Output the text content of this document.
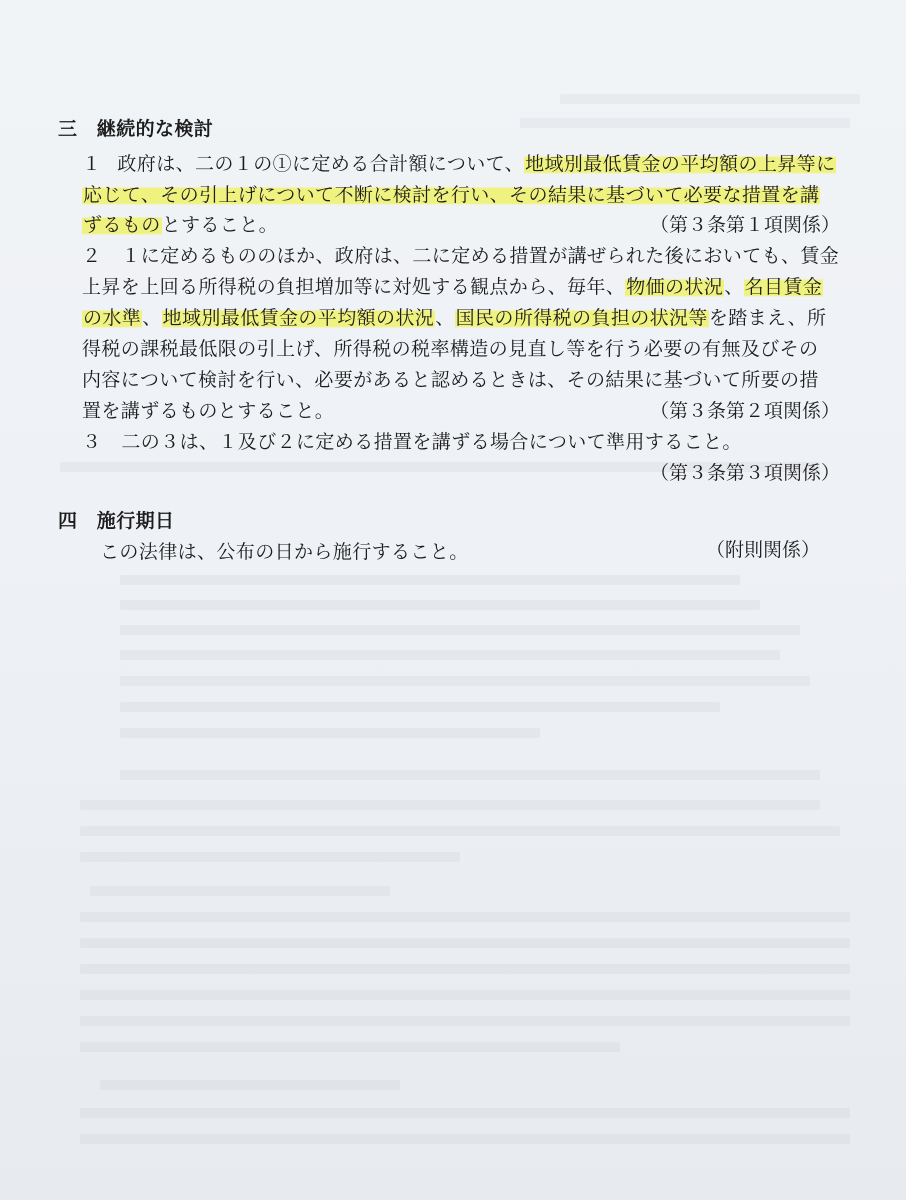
三　継続的な検討
１ 政府は、二の１の①に定める合計額について、地域別最低賃金の平均額の上昇等に
応じて、その引上げについて不断に検討を行い、その結果に基づいて必要な措置を講
ずるものとすること。	（第３条第１項関係）
２ １に定めるもののほか、政府は、二に定める措置が講ぜられた後においても、賃金
上昇を上回る所得税の負担増加等に対処する観点から、毎年、物価の状況、名目賃金
の水準、地域別最低賃金の平均額の状況、国民の所得税の負担の状況等を踏まえ、所
得税の課税最低限の引上げ、所得税の税率構造の見直し等を行う必要の有無及びその
内容について検討を行い、必要があると認めるときは、その結果に基づいて所要の措
置を講ずるものとすること。	（第３条第２項関係）
３ 二の３は、１及び２に定める措置を講ずる場合について準用すること。
（第３条第３項関係）
四　施行期日
この法律は、公布の日から施行すること。	（附則関係）
